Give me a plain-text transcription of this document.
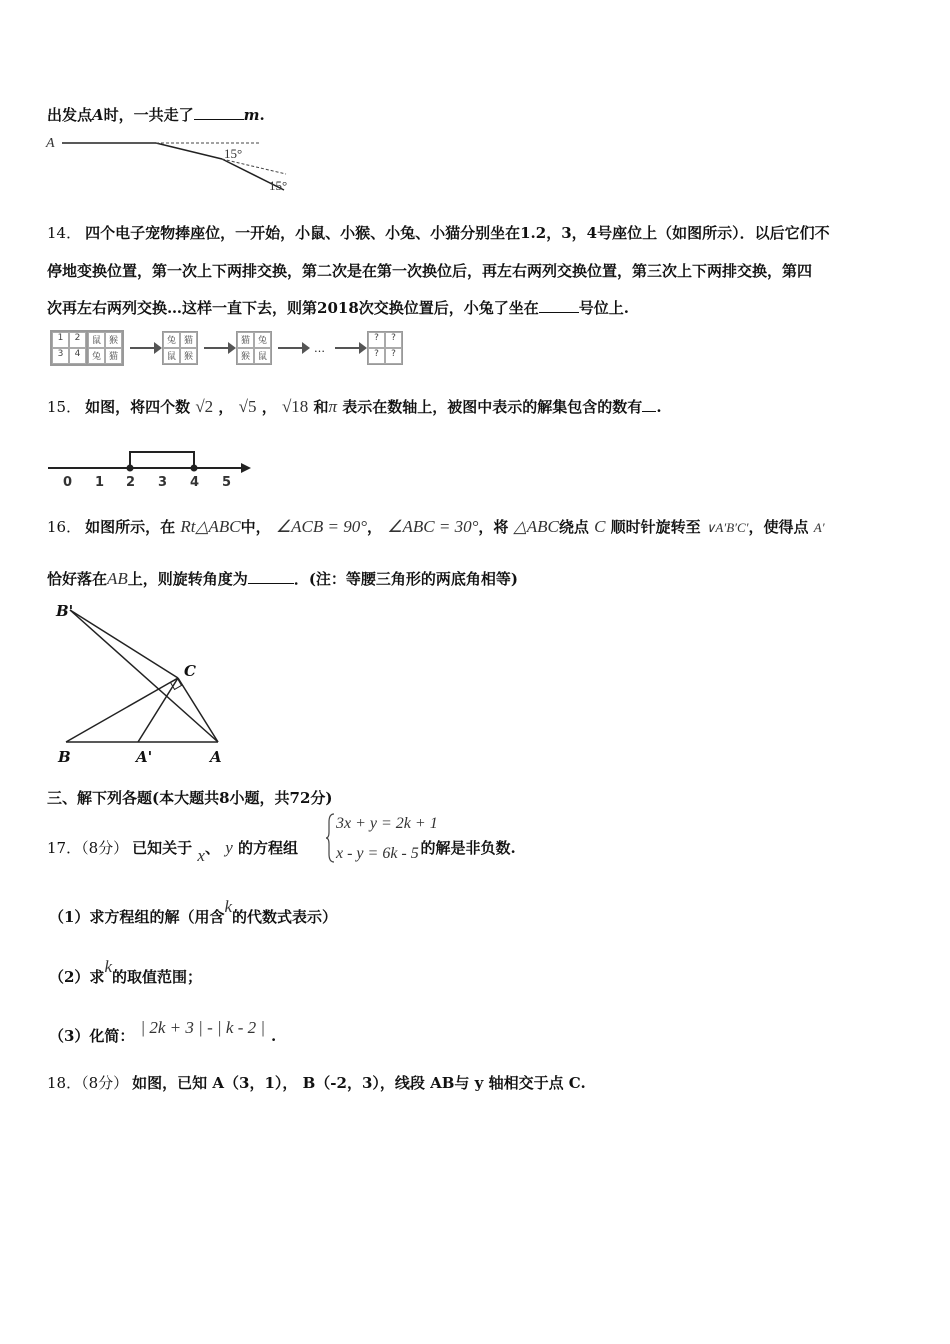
出发点A时，一共走了	m.
A
15°
15°
14． 四个电子宠物捧座位，一开始，小鼠、小猴、小兔、小猫分别坐在1.2，3，4号座位上（如图所示）．以后它们不
停地变换位置，第一次上下两排交换，第二次是在第一次换位后，再左右两列交换位置，第三次上下两排交换，第四
次再左右两列交换…这样一直下去，则第2018次交换位置后，小兔了坐在	号位上.
1	2
3	4
鼠 猴
兔 猫
兔 猫
鼠 猴
猫 兔
猴 鼠
…
?	?
?	?
15． 如图，将四个数 √2 ， √5 ， √18 和π 表示在数轴上，被图中表示的解集包含的数有 .
0 1 2 3 4 5
16． 如图所示，在 Rt△ABC中， ∠ACB = 90°， ∠ABC = 30°，将 △ABC绕点 C 顺时针旋转至 ∨A′B′C′，使得点 A′
恰好落在AB上，则旋转角度为	．(注：等腰三角形的两底角相等)
B'
C
B	A'	A
三、解下列各题(本大题共8小题，共72分)
17．（8分） 已知关于 x、 y 的方程组	的解是非负数.
3x + y = 2k + 1
x - y = 6k - 5
（1）求方程组的解（用含k的代数式表示）
（2）求k的取值范围；
（3）化简： | 2k + 3 | - | k - 2 | .
18．（8分） 如图，已知 A（3，1）， B（-2，3），线段 AB与 y 轴相交于点 C.
